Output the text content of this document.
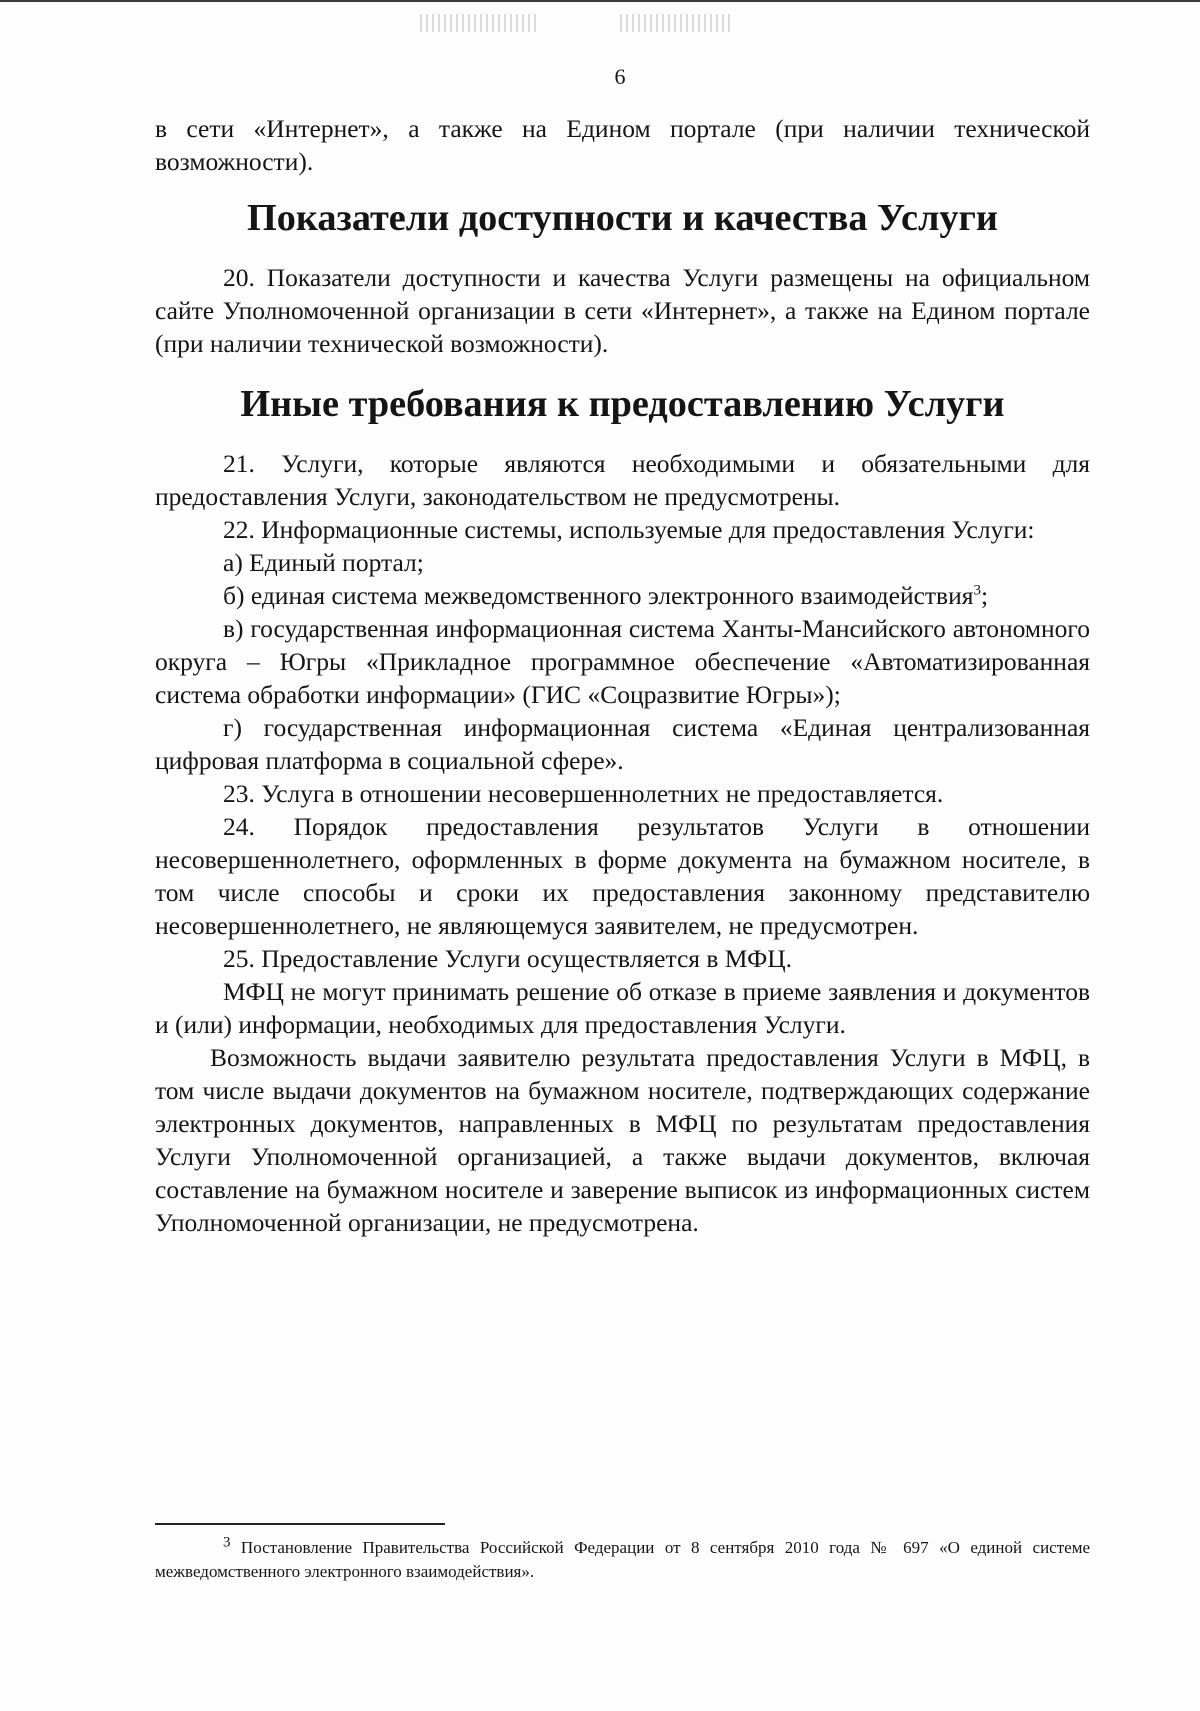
6

в сети «Интернет», а также на Едином портале (при наличии технической возможности).

Показатели доступности и качества Услуги

20. Показатели доступности и качества Услуги размещены на официальном сайте Уполномоченной организации в сети «Интернет», а также на Едином портале (при наличии технической возможности).

Иные требования к предоставлению Услуги

21. Услуги, которые являются необходимыми и обязательными для предоставления Услуги, законодательством не предусмотрены.

22. Информационные системы, используемые для предоставления Услуги:

а) Единый портал;

б) единая система межведомственного электронного взаимодействия$^3$;

в) государственная информационная система Ханты-Мансийского автономного округа – Югры «Прикладное программное обеспечение «Автоматизированная система обработки информации» (ГИС «Соцразвитие Югры»);

г) государственная информационная система «Единая централизованная цифровая платформа в социальной сфере».

23. Услуга в отношении несовершеннолетних не предоставляется.

24. Порядок предоставления результатов Услуги в отношении несовершеннолетнего, оформленных в форме документа на бумажном носителе, в том числе способы и сроки их предоставления законному представителю несовершеннолетнего, не являющемуся заявителем, не предусмотрен.

25. Предоставление Услуги осуществляется в МФЦ.

МФЦ не могут принимать решение об отказе в приеме заявления и документов и (или) информации, необходимых для предоставления Услуги.

Возможность выдачи заявителю результата предоставления Услуги в МФЦ, в том числе выдачи документов на бумажном носителе, подтверждающих содержание электронных документов, направленных в МФЦ по результатам предоставления Услуги Уполномоченной организацией, а также выдачи документов, включая составление на бумажном носителе и заверение выписок из информационных систем Уполномоченной организации, не предусмотрена.

$^3$ Постановление Правительства Российской Федерации от 8 сентября 2010 года № 697 «О единой системе межведомственного электронного взаимодействия».
